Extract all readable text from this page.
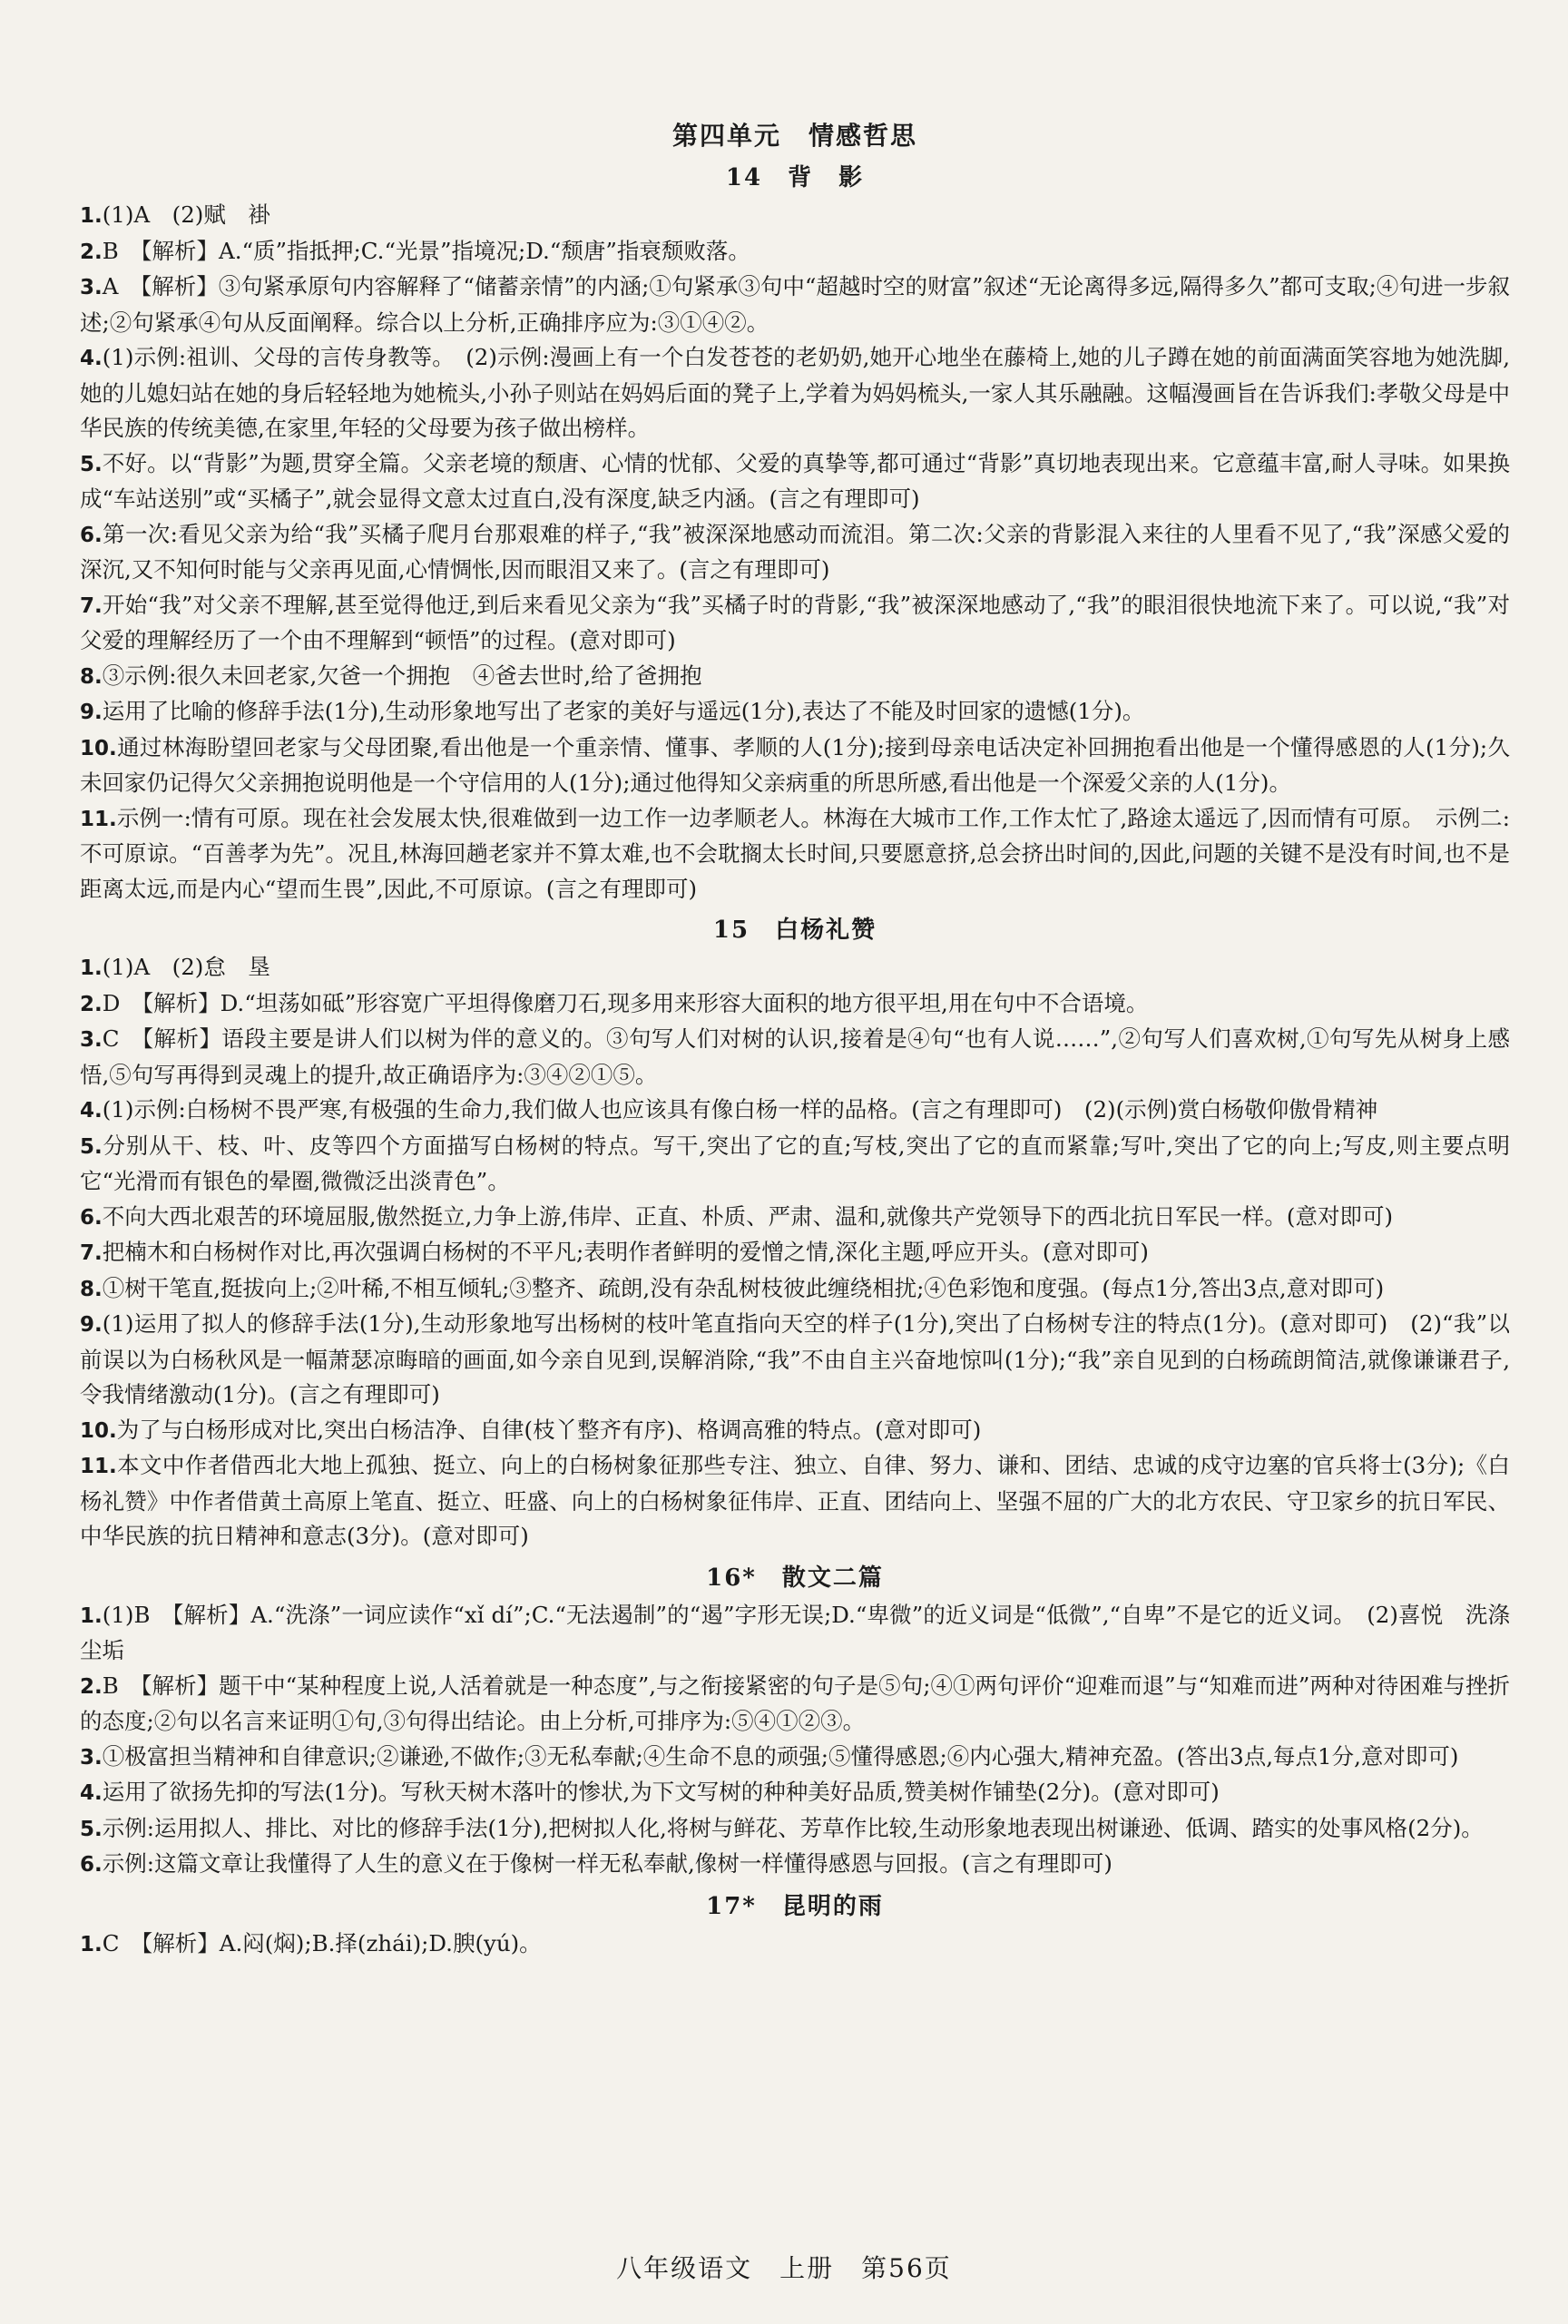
第四单元　情感哲思
14　背　影

1.(1)A　(2)赋　褂

2.B　【解析】A.“质”指抵押;C.“光景”指境况;D.“颓唐”指衰颓败落。

3.A　【解析】③句紧承原句内容解释了“储蓄亲情”的内涵;①句紧承③句中“超越时空的财富”叙述“无论离得多远,隔得多久”都可支取;④句进一步叙述;②句紧承④句从反面阐释。综合以上分析,正确排序应为:③①④②。

4.(1)示例:祖训、父母的言传身教等。　(2)示例:漫画上有一个白发苍苍的老奶奶,她开心地坐在藤椅上,她的儿子蹲在她的前面满面笑容地为她洗脚,她的儿媳妇站在她的身后轻轻地为她梳头,小孙子则站在妈妈后面的凳子上,学着为妈妈梳头,一家人其乐融融。这幅漫画旨在告诉我们:孝敬父母是中华民族的传统美德,在家里,年轻的父母要为孩子做出榜样。

5.不好。以“背影”为题,贯穿全篇。父亲老境的颓唐、心情的忧郁、父爱的真挚等,都可通过“背影”真切地表现出来。它意蕴丰富,耐人寻味。如果换成“车站送别”或“买橘子”,就会显得文意太过直白,没有深度,缺乏内涵。(言之有理即可)

6.第一次:看见父亲为给“我”买橘子爬月台那艰难的样子,“我”被深深地感动而流泪。第二次:父亲的背影混入来往的人里看不见了,“我”深感父爱的深沉,又不知何时能与父亲再见面,心情惆怅,因而眼泪又来了。(言之有理即可)

7.开始“我”对父亲不理解,甚至觉得他迂,到后来看见父亲为“我”买橘子时的背影,“我”被深深地感动了,“我”的眼泪很快地流下来了。可以说,“我”对父爱的理解经历了一个由不理解到“顿悟”的过程。(意对即可)

8.③示例:很久未回老家,欠爸一个拥抱　④爸去世时,给了爸拥抱

9.运用了比喻的修辞手法(1分),生动形象地写出了老家的美好与遥远(1分),表达了不能及时回家的遗憾(1分)。

10.通过林海盼望回老家与父母团聚,看出他是一个重亲情、懂事、孝顺的人(1分);接到母亲电话决定补回拥抱看出他是一个懂得感恩的人(1分);久未回家仍记得欠父亲拥抱说明他是一个守信用的人(1分);通过他得知父亲病重的所思所感,看出他是一个深爱父亲的人(1分)。

11.示例一:情有可原。现在社会发展太快,很难做到一边工作一边孝顺老人。林海在大城市工作,工作太忙了,路途太遥远了,因而情有可原。　示例二:不可原谅。“百善孝为先”。况且,林海回趟老家并不算太难,也不会耽搁太长时间,只要愿意挤,总会挤出时间的,因此,问题的关键不是没有时间,也不是距离太远,而是内心“望而生畏”,因此,不可原谅。(言之有理即可)

15　白杨礼赞

1.(1)A　(2)怠　垦

2.D　【解析】D.“坦荡如砥”形容宽广平坦得像磨刀石,现多用来形容大面积的地方很平坦,用在句中不合语境。

3.C　【解析】语段主要是讲人们以树为伴的意义的。③句写人们对树的认识,接着是④句“也有人说……”,②句写人们喜欢树,①句写先从树身上感悟,⑤句写再得到灵魂上的提升,故正确语序为:③④②①⑤。

4.(1)示例:白杨树不畏严寒,有极强的生命力,我们做人也应该具有像白杨一样的品格。(言之有理即可)　(2)(示例)赏白杨敬仰傲骨精神

5.分别从干、枝、叶、皮等四个方面描写白杨树的特点。写干,突出了它的直;写枝,突出了它的直而紧靠;写叶,突出了它的向上;写皮,则主要点明它“光滑而有银色的晕圈,微微泛出淡青色”。

6.不向大西北艰苦的环境屈服,傲然挺立,力争上游,伟岸、正直、朴质、严肃、温和,就像共产党领导下的西北抗日军民一样。(意对即可)

7.把楠木和白杨树作对比,再次强调白杨树的不平凡;表明作者鲜明的爱憎之情,深化主题,呼应开头。(意对即可)

8.①树干笔直,挺拔向上;②叶稀,不相互倾轧;③整齐、疏朗,没有杂乱树枝彼此缠绕相扰;④色彩饱和度强。(每点1分,答出3点,意对即可)

9.(1)运用了拟人的修辞手法(1分),生动形象地写出杨树的枝叶笔直指向天空的样子(1分),突出了白杨树专注的特点(1分)。(意对即可)　(2)“我”以前误以为白杨秋风是一幅萧瑟凉晦暗的画面,如今亲自见到,误解消除,“我”不由自主兴奋地惊叫(1分);“我”亲自见到的白杨疏朗简洁,就像谦谦君子,令我情绪激动(1分)。(言之有理即可)

10.为了与白杨形成对比,突出白杨洁净、自律(枝丫整齐有序)、格调高雅的特点。(意对即可)

11.本文中作者借西北大地上孤独、挺立、向上的白杨树象征那些专注、独立、自律、努力、谦和、团结、忠诚的戍守边塞的官兵将士(3分);《白杨礼赞》中作者借黄土高原上笔直、挺立、旺盛、向上的白杨树象征伟岸、正直、团结向上、坚强不屈的广大的北方农民、守卫家乡的抗日军民、中华民族的抗日精神和意志(3分)。(意对即可)

16*　散文二篇

1.(1)B　【解析】A.“洗涤”一词应读作“xǐ dí”;C.“无法遏制”的“遏”字形无误;D.“卑微”的近义词是“低微”,“自卑”不是它的近义词。　(2)喜悦　洗涤　尘垢

2.B　【解析】题干中“某种程度上说,人活着就是一种态度”,与之衔接紧密的句子是⑤句;④①两句评价“迎难而退”与“知难而进”两种对待困难与挫折的态度;②句以名言来证明①句,③句得出结论。由上分析,可排序为:⑤④①②③。

3.①极富担当精神和自律意识;②谦逊,不做作;③无私奉献;④生命不息的顽强;⑤懂得感恩;⑥内心强大,精神充盈。(答出3点,每点1分,意对即可)

4.运用了欲扬先抑的写法(1分)。写秋天树木落叶的惨状,为下文写树的种种美好品质,赞美树作铺垫(2分)。(意对即可)

5.示例:运用拟人、排比、对比的修辞手法(1分),把树拟人化,将树与鲜花、芳草作比较,生动形象地表现出树谦逊、低调、踏实的处事风格(2分)。

6.示例:这篇文章让我懂得了人生的意义在于像树一样无私奉献,像树一样懂得感恩与回报。(言之有理即可)

17*　昆明的雨

1.C　【解析】A.闷(焖);B.择(zhái);D.腴(yú)。

八年级语文　上册　第56页
